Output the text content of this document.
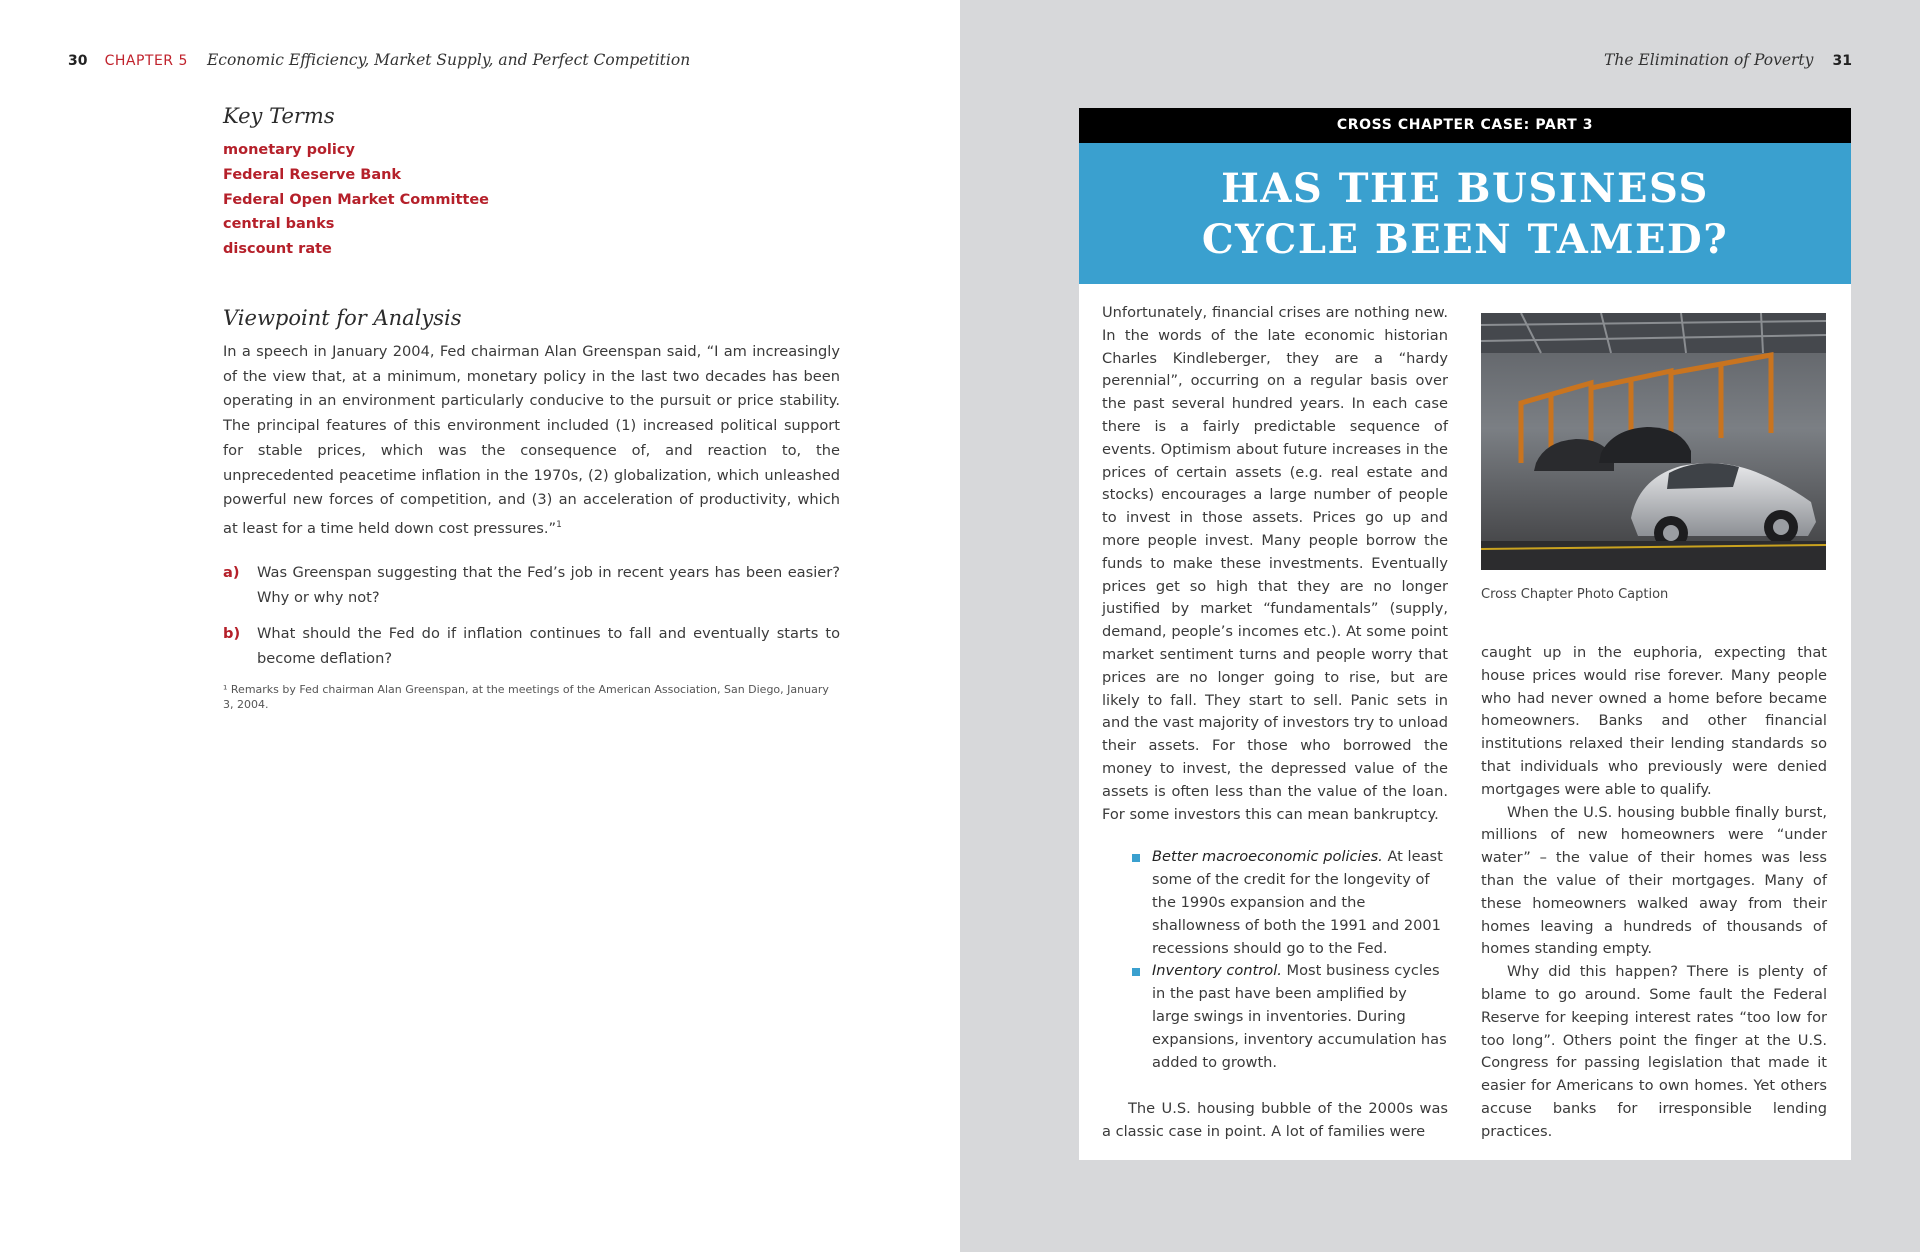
30 CHAPTER 5 Economic Efficiency, Market Supply, and Perfect Competition
Key Terms
monetary policy
Federal Reserve Bank
Federal Open Market Committee
central banks
discount rate
Viewpoint for Analysis

In a speech in January 2004, Fed chairman Alan Greenspan said, “I am increasingly of the view that, at a minimum, monetary policy in the last two decades has been operating in an environment particularly conducive to the pursuit or price stability. The principal features of this environment included (1) increased political support for stable prices, which was the consequence of, and reaction to, the unprecedented peacetime inflation in the 1970s, (2) globalization, which unleashed powerful new forces of competition, and (3) an acceleration of productivity, which at least for a time held down cost pressures.”$^1$

a) Was Greenspan suggesting that the Fed’s job in recent years has been easier? Why or why not?
b) What should the Fed do if inflation continues to fall and eventually starts to become deflation?
¹ Remarks by Fed chairman Alan Greenspan, at the meetings of the American Association, San Diego, January 3, 2004.
The Elimination of Poverty 31
CROSS CHAPTER CASE: PART 3
HAS THE BUSINESS
CYCLE BEEN TAMED?

Unfortunately, financial crises are nothing new. In the words of the late economic historian Charles Kindleberger, they are a “hardy perennial”, occurring on a regular basis over the past several hundred years. In each case there is a fairly predictable sequence of events. Optimism about future increases in the prices of certain assets (e.g. real estate and stocks) encourages a large number of people to invest in those assets. Prices go up and more people invest. Many people borrow the funds to make these investments. Eventually prices get so high that they are no longer justified by market “fundamentals” (supply, demand, people’s incomes etc.). At some point market sentiment turns and people worry that prices are no longer going to rise, but are likely to fall. They start to sell. Panic sets in and the vast majority of investors try to unload their assets. For those who borrowed the money to invest, the depressed value of the assets is often less than the value of the loan. For some investors this can mean bankruptcy.

Better macroeconomic policies. At least some of the credit for the longevity of the 1990s expansion and the shallowness of both the 1991 and 2001 recessions should go to the Fed.
Inventory control. Most business cycles in the past have been amplified by large swings in inventories. During expansions, inventory accumulation has added to growth.

The U.S. housing bubble of the 2000s was a classic case in point. A lot of families were

Cross Chapter Photo Caption

caught up in the euphoria, expecting that house prices would rise forever. Many people who had never owned a home before became homeowners. Banks and other financial institutions relaxed their lending standards so that individuals who previously were denied mortgages were able to qualify.

When the U.S. housing bubble finally burst, millions of new homeowners were “under water” – the value of their homes was less than the value of their mortgages. Many of these homeowners walked away from their homes leaving a hundreds of thousands of homes standing empty.

Why did this happen? There is plenty of blame to go around. Some fault the Federal Reserve for keeping interest rates “too low for too long”. Others point the finger at the U.S. Congress for passing legislation that made it easier for Americans to own homes. Yet others accuse banks for irresponsible lending practices.
